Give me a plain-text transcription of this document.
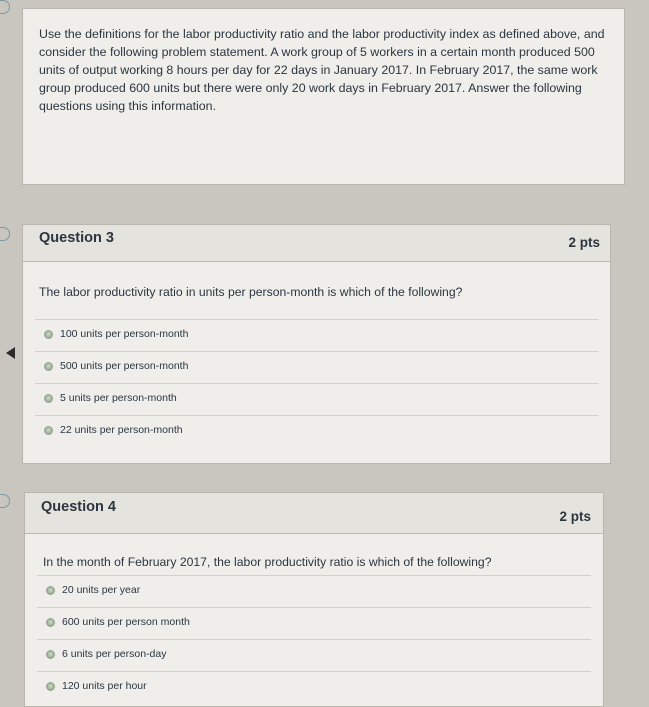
Use the definitions for the labor productivity ratio and the labor productivity index as defined above, and consider the following problem statement. A work group of 5 workers in a certain month produced 500 units of output working 8 hours per day for 22 days in January 2017. In February 2017, the same work group produced 600 units but there were only 20 work days in February 2017. Answer the following questions using this information.

Question 3	2 pts
The labor productivity ratio in units per person-month is which of the following?
100 units per person-month
500 units per person-month
5 units per person-month
22 units per person-month
Question 4
2 pts
In the month of February 2017, the labor productivity ratio is which of the following?
20 units per year
600 units per person month
6 units per person-day
120 units per hour
